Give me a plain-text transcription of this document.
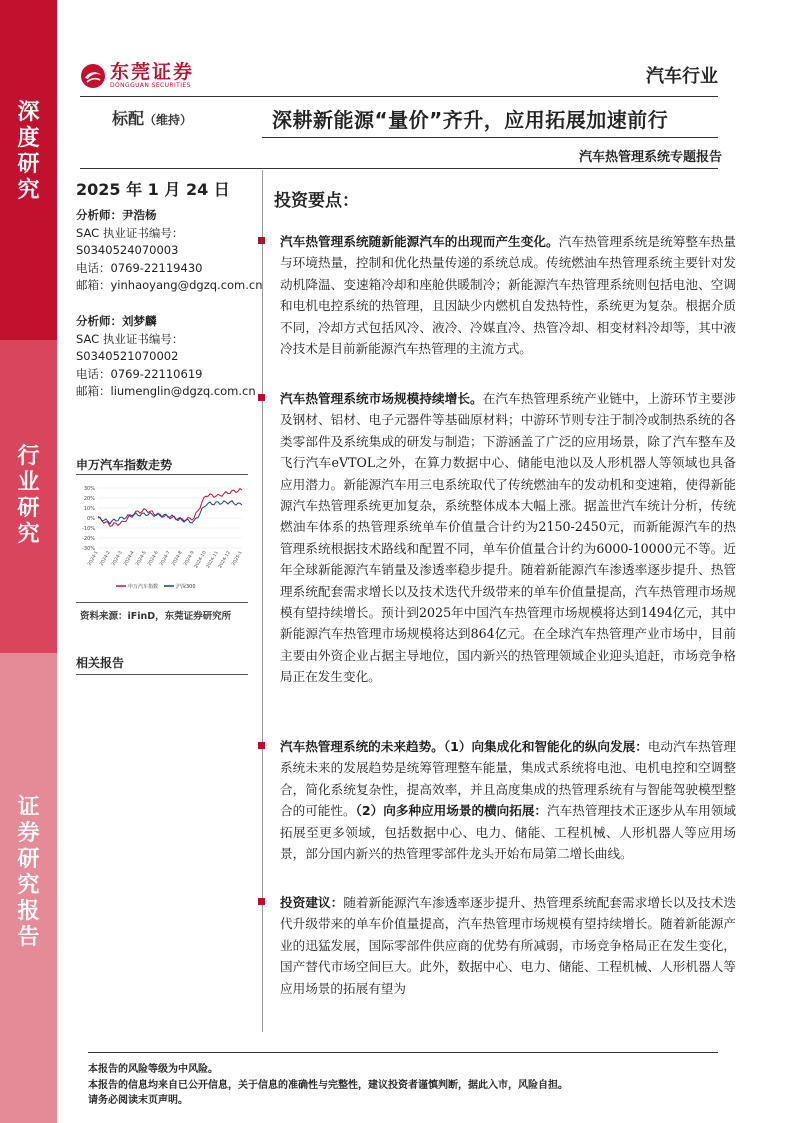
深
度
研
究
行
业
研
究
证
券
研
究
报
告
东莞证券
DONGGUAN SECURITIES	汽车行业
标配（维持）	深耕新能源“量价”齐升，应用拓展加速前行
汽车热管理系统专题报告
2025 年 1 月 24 日
分析师：尹浩杨
SAC 执业证书编号：
S0340524070003
电话：0769-22119430
邮箱：yinhaoyang@dgzq.com.cn
分析师：刘梦麟
SAC 执业证书编号：
S0340521070002
电话：0769-22110619
邮箱：liumenglin@dgzq.com.cn
申万汽车指数走势
30%
20%
10%
0%
-10%
-20%
-30%
2024-1 2024-2 2024-3 2024-4 2024-5 2024-6 2024-7 2024-8 2024-9
2024-10
2024-11
2024-12 2025-1
申万汽车指数	沪深300
资料来源：iFinD，东莞证券研究所
相关报告
投资要点：
汽车热管理系统随新能源汽车的出现而产生变化。汽车热管理系统是统筹整车热量与环境热量，控制和优化热量传递的系统总成。传统燃油车热管理系统主要针对发动机降温、变速箱冷却和座舱供暖制冷；新能源汽车热管理系统则包括电池、空调和电机电控系统的热管理，且因缺少内燃机自发热特性，系统更为复杂。根据介质不同，冷却方式包括风冷、液冷、冷媒直冷、热管冷却、相变材料冷却等，其中液冷技术是目前新能源汽车热管理的主流方式。
汽车热管理系统市场规模持续增长。在汽车热管理系统产业链中，上游环节主要涉及钢材、铝材、电子元器件等基础原材料；中游环节则专注于制冷或制热系统的各类零部件及系统集成的研发与制造；下游涵盖了广泛的应用场景，除了汽车整车及飞行汽车eVTOL之外，在算力数据中心、储能电池以及人形机器人等领域也具备应用潜力。新能源汽车用三电系统取代了传统燃油车的发动机和变速箱，使得新能源汽车热管理系统更加复杂，系统整体成本大幅上涨。据盖世汽车统计分析，传统燃油车体系的热管理系统单车价值量合计约为2150-2450元，而新能源汽车的热管理系统根据技术路线和配置不同，单车价值量合计约为6000-10000元不等。近年全球新能源汽车销量及渗透率稳步提升。随着新能源汽车渗透率逐步提升、热管理系统配套需求增长以及技术迭代升级带来的单车价值量提高，汽车热管理市场规模有望持续增长。预计到2025年中国汽车热管理市场规模将达到1494亿元，其中新能源汽车热管理市场规模将达到864亿元。在全球汽车热管理产业市场中，目前主要由外资企业占据主导地位，国内新兴的热管理领域企业迎头追赶，市场竞争格局正在发生变化。
汽车热管理系统的未来趋势。（1）向集成化和智能化的纵向发展：电动汽车热管理系统未来的发展趋势是统筹管理整车能量，集成式系统将电池、电机电控和空调整合，简化系统复杂性，提高效率，并且高度集成的热管理系统有与智能驾驶模型整合的可能性。（2）向多种应用场景的横向拓展：汽车热管理技术正逐步从车用领域拓展至更多领域，包括数据中心、电力、储能、工程机械、人形机器人等应用场景，部分国内新兴的热管理零部件龙头开始布局第二增长曲线。
投资建议：随着新能源汽车渗透率逐步提升、热管理系统配套需求增长以及技术迭代升级带来的单车价值量提高，汽车热管理市场规模有望持续增长。随着新能源产业的迅猛发展，国际零部件供应商的优势有所减弱，市场竞争格局正在发生变化，国产替代市场空间巨大。此外，数据中心、电力、储能、工程机械、人形机器人等应用场景的拓展有望为
本报告的风险等级为中风险。
本报告的信息均来自已公开信息，关于信息的准确性与完整性，建议投资者谨慎判断，据此入市，风险自担。
请务必阅读末页声明。
